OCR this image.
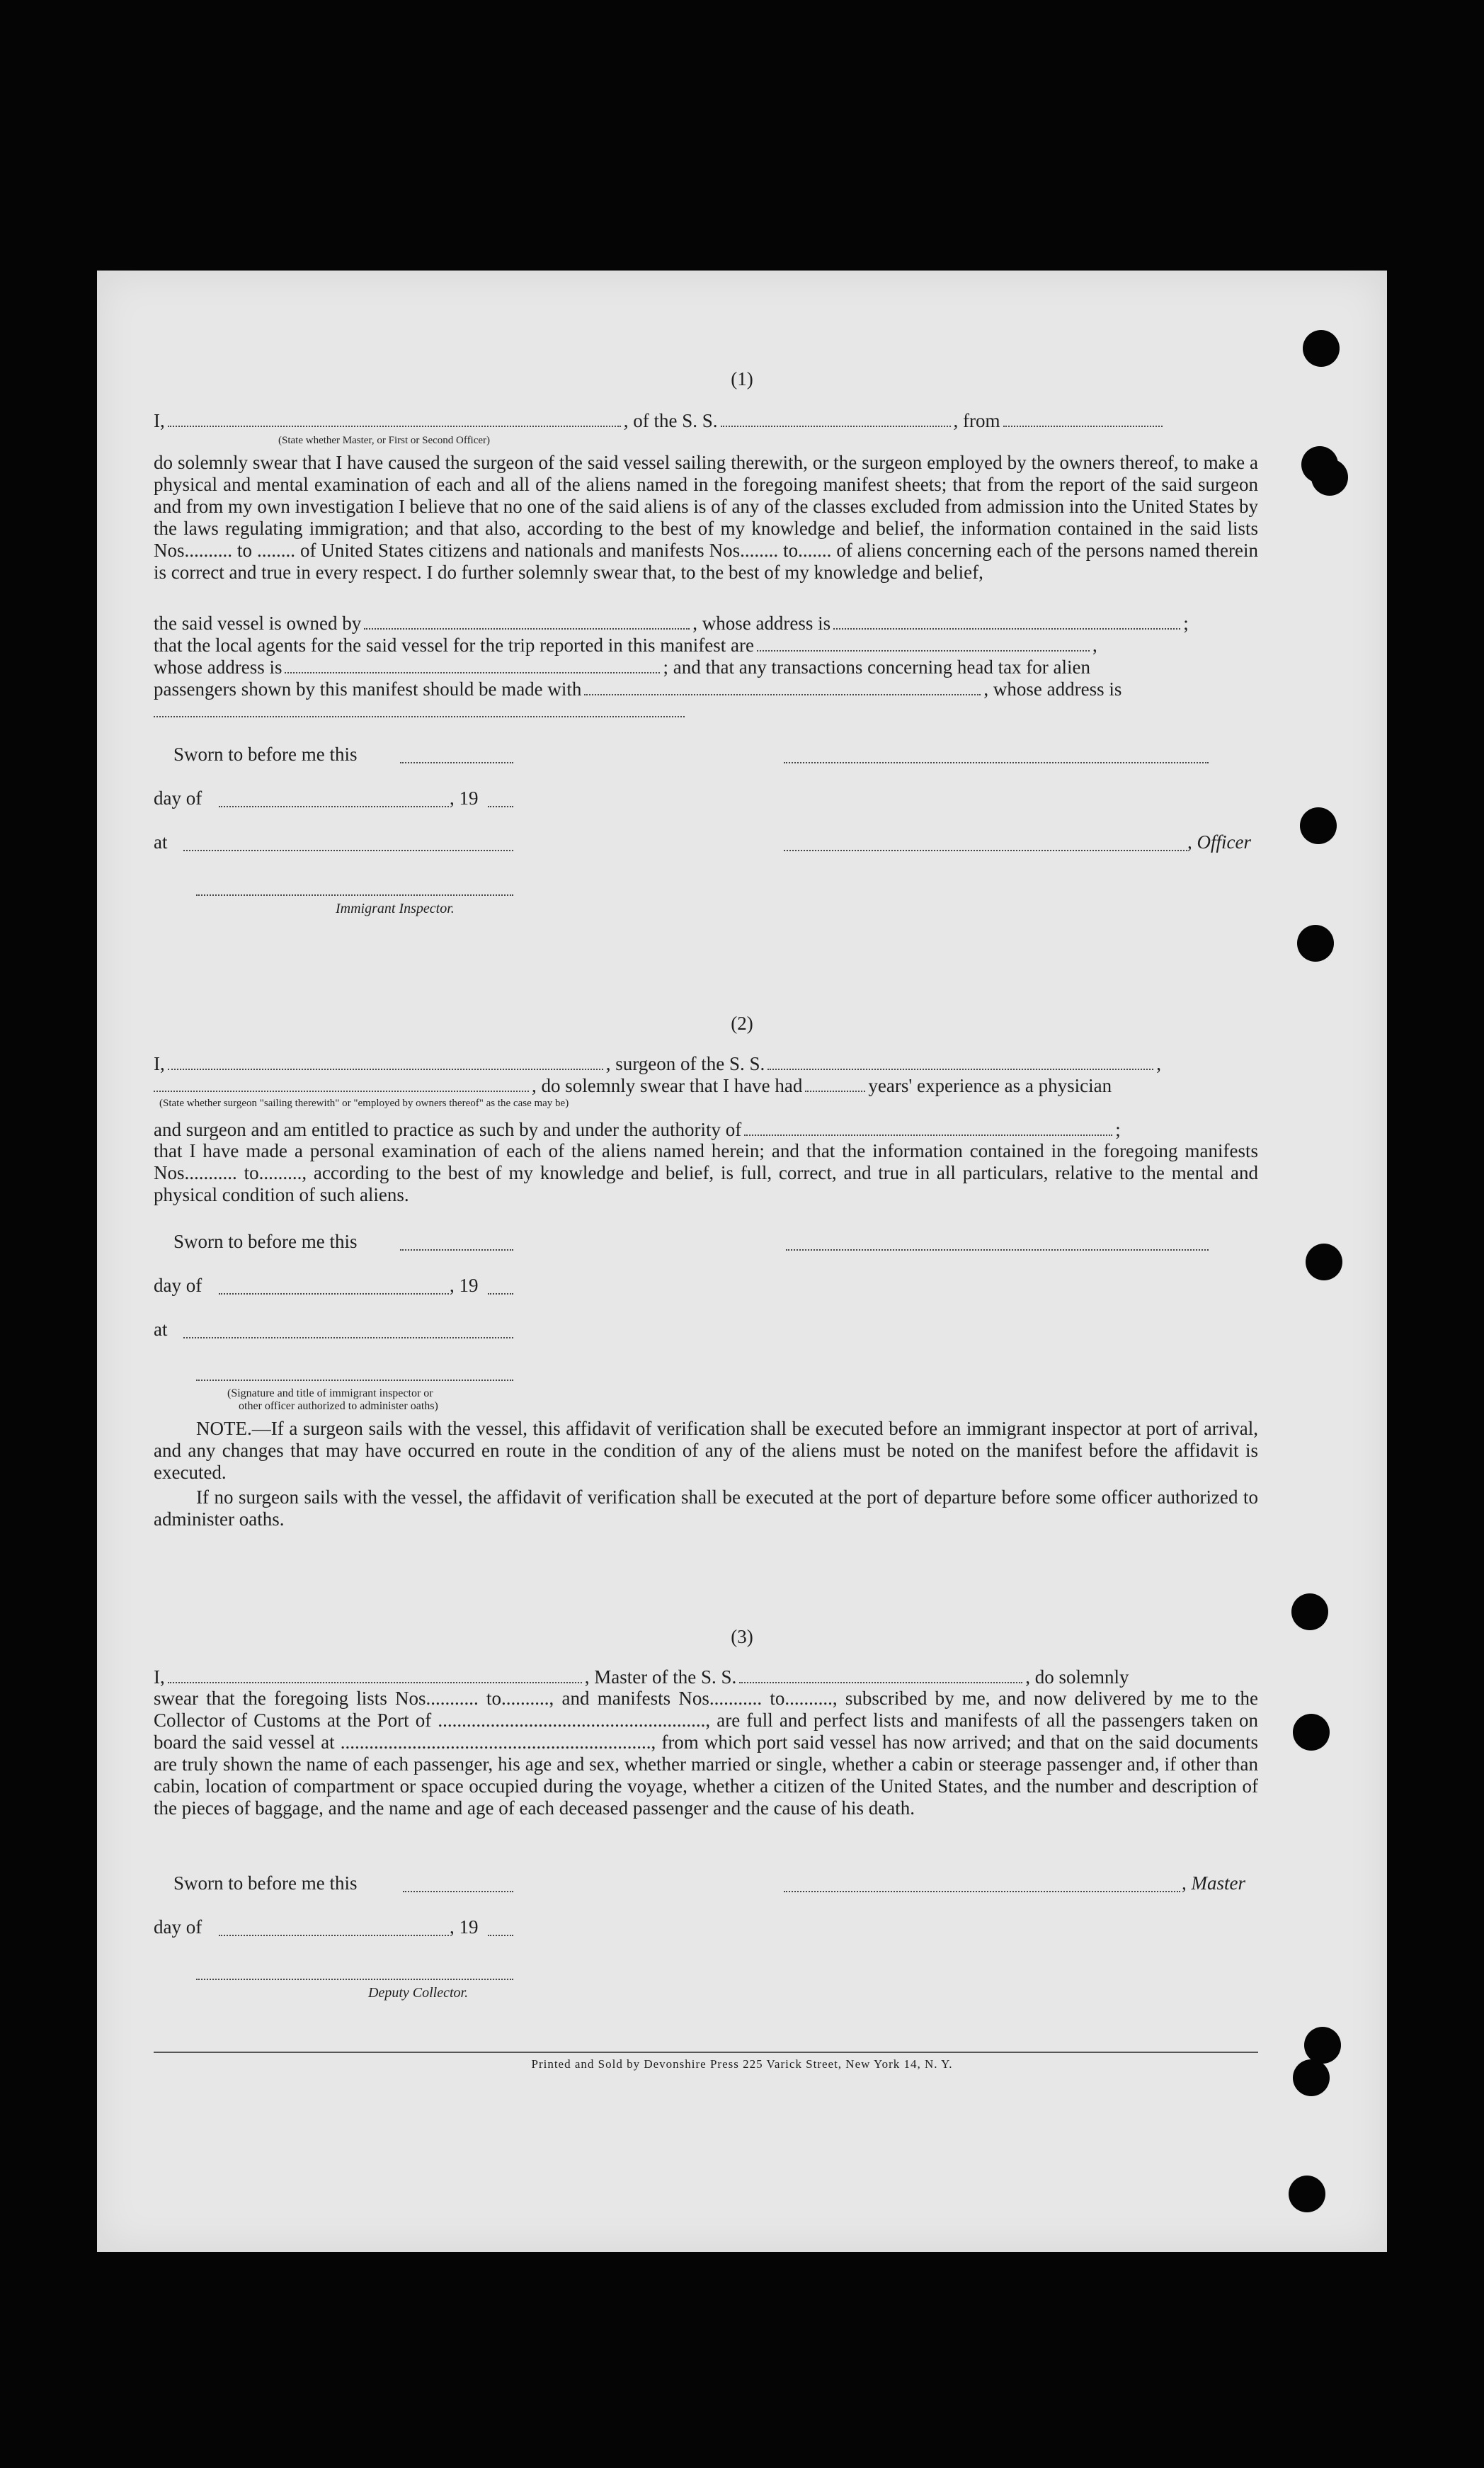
(1)
I,	, of the S. S.	, from
(State whether Master, or First or Second Officer)
do solemnly swear that I have caused the surgeon of the said vessel sailing therewith, or the surgeon employed by the owners thereof, to make a physical and mental examination of each and all of the aliens named in the foregoing manifest sheets; that from the report of the said surgeon and from my own investigation I believe that no one of the said aliens is of any of the classes excluded from admission into the United States by the laws regulating immigration; and that also, according to the best of my knowledge and belief, the information contained in the said lists Nos.......... to ........ of United States citizens and nationals and manifests Nos........ to....... of aliens concerning each of the persons named therein is correct and true in every respect. I do further solemnly swear that, to the best of my knowledge and belief,
the said vessel is owned by	, whose address is	;
that the local agents for the said vessel for the trip reported in this manifest are	,
whose address is	; and that any transactions concerning head tax for alien
passengers shown by this manifest should be made with	, whose address is
Sworn to before me this
day of	, 19
at	, Officer
Immigrant Inspector.
(2)
I,	, surgeon of the S. S.	,
, do solemnly swear that I have had	years' experience as a physician
(State whether surgeon "sailing therewith" or "employed by owners thereof" as the case may be)
and surgeon and am entitled to practice as such by and under the authority of	;
that I have made a personal examination of each of the aliens named herein; and that the information contained in the foregoing manifests Nos........... to........., according to the best of my knowledge and belief, is full, correct, and true in all particulars, relative to the mental and physical condition of such aliens.
Sworn to before me this
day of	, 19
at
(Signature and title of immigrant inspector or
other officer authorized to administer oaths)
NOTE.—If a surgeon sails with the vessel, this affidavit of verification shall be executed before an immigrant inspector at port of arrival, and any changes that may have occurred en route in the condition of any of the aliens must be noted on the manifest before the affidavit is executed.
If no surgeon sails with the vessel, the affidavit of verification shall be executed at the port of departure before some officer authorized to administer oaths.
(3)
I,	, Master of the S. S.	, do solemnly
swear that the foregoing lists Nos........... to.........., and manifests Nos........... to.........., subscribed by me, and now delivered by me to the Collector of Customs at the Port of ........................................................, are full and perfect lists and manifests of all the passengers taken on board the said vessel at ................................................................., from which port said vessel has now arrived; and that on the said documents are truly shown the name of each passenger, his age and sex, whether married or single, whether a cabin or steerage passenger and, if other than cabin, location of compartment or space occupied during the voyage, whether a citizen of the United States, and the number and description of the pieces of baggage, and the name and age of each deceased passenger and the cause of his death.
Sworn to before me this	, Master
day of	, 19
Deputy Collector.
Printed and Sold by Devonshire Press 225 Varick Street, New York 14, N. Y.
